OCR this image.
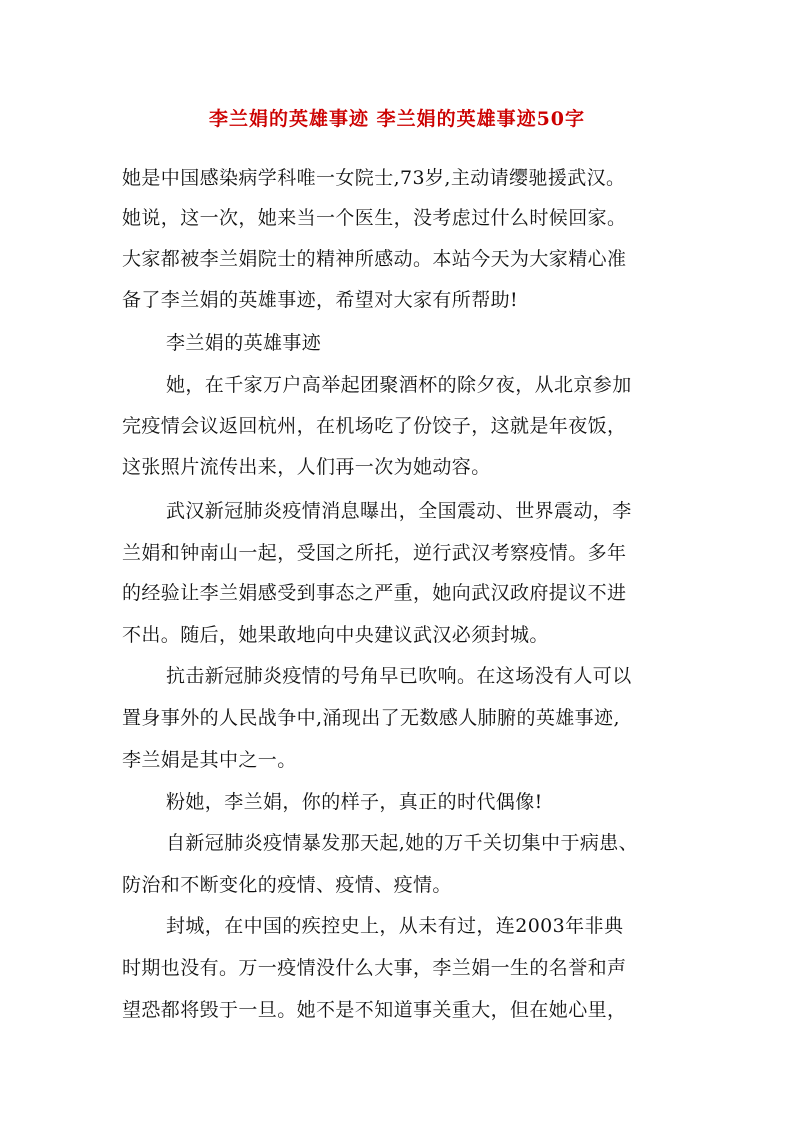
李兰娟的英雄事迹 李兰娟的英雄事迹50字
她是中国感染病学科唯一女院士,73岁,主动请缨驰援武汉。
她说，这一次，她来当一个医生，没考虑过什么时候回家。
大家都被李兰娟院士的精神所感动。本站今天为大家精心准
备了李兰娟的英雄事迹，希望对大家有所帮助!
李兰娟的英雄事迹
她，在千家万户高举起团聚酒杯的除夕夜，从北京参加
完疫情会议返回杭州，在机场吃了份饺子，这就是年夜饭，
这张照片流传出来，人们再一次为她动容。
武汉新冠肺炎疫情消息曝出，全国震动、世界震动，李
兰娟和钟南山一起，受国之所托，逆行武汉考察疫情。多年
的经验让李兰娟感受到事态之严重，她向武汉政府提议不进
不出。随后，她果敢地向中央建议武汉必须封城。
抗击新冠肺炎疫情的号角早已吹响。在这场没有人可以
置身事外的人民战争中,涌现出了无数感人肺腑的英雄事迹,
李兰娟是其中之一。
粉她，李兰娟，你的样子，真正的时代偶像!
自新冠肺炎疫情暴发那天起,她的万千关切集中于病患、
防治和不断变化的疫情、疫情、疫情。
封城，在中国的疾控史上，从未有过，连2003年非典
时期也没有。万一疫情没什么大事，李兰娟一生的名誉和声
望恐都将毁于一旦。她不是不知道事关重大，但在她心里，
